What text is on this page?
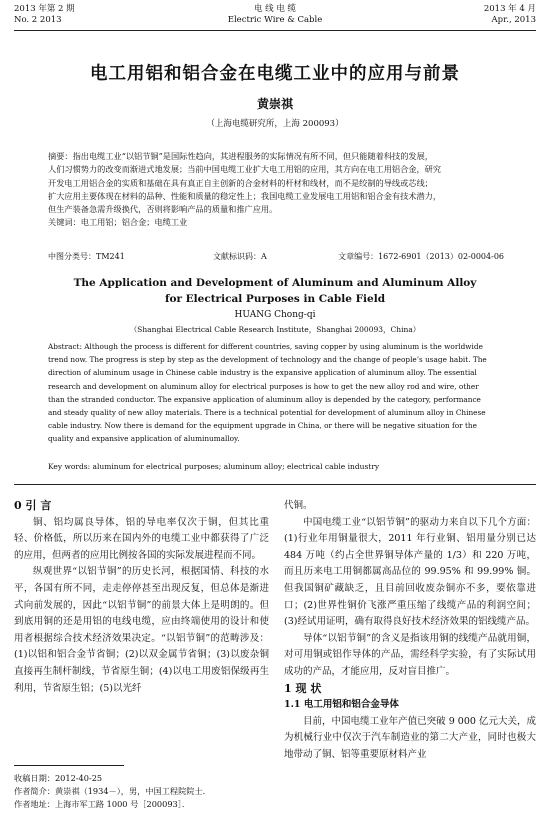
2013 年第 2 期
No. 2 2013
电 线 电 缆
Electric Wire & Cable
2013 年 4 月
Apr., 2013
电工用铝和铝合金在电缆工业中的应用与前景
黄崇祺
（上海电缆研究所，上海 200093）
摘要：指出电缆工业“以铝节铜”是国际性趋向，其进程服务的实际情况有所不同，但只能随着科技的发展，
人们习惯势力的改变而渐进式地发展；当前中国电缆工业扩大电工用铝的应用，其方向在电工用铝合金，研究
开发电工用铝合金的实质和基础在具有真正自主创新的合金材料的杆材和线材，而不是绞制的导线或芯线；
扩大应用主要体现在材料的品种、性能和质量的稳定性上；我国电缆工业发展电工用铝和铝合金有技术潜力，
但生产装备急需升级换代，否则将影响产品的质量和推广应用。
关键词：电工用铝；铝合金；电缆工业
中图分类号：TM241	文献标识码：A	文章编号：1672-6901（2013）02-0004-06
The Application and Development of Aluminum and Aluminum Alloy
for Electrical Purposes in Cable Field
HUANG Chong-qi
（Shanghai Electrical Cable Research Institute，Shanghai 200093，China）
Abstract: Although the process is different for different countries, saving copper by using aluminum is the worldwide
trend now. The progress is step by step as the development of technology and the change of people’s usage habit. The
direction of aluminum usage in Chinese cable industry is the expansive application of aluminum alloy. The essential
research and development on aluminum alloy for electrical purposes is how to get the new alloy rod and wire, other
than the stranded conductor. The expansive application of aluminum alloy is depended by the category, performance
and steady quality of new alloy materials. There is a technical potential for development of aluminum alloy in Chinese
cable industry. Now there is demand for the equipment upgrade in China, or there will be negative situation for the
quality and expansive application of aluminumalloy.
Key words: aluminum for electrical purposes; aluminum alloy; electrical cable industry
0 引 言

铜、铝均属良导体，铝的导电率仅次于铜，但其比重轻、价格低，所以历来在国内外的电缆工业中都获得了广泛的应用，但两者的应用比例按各国的实际发展进程而不同。

纵观世界“以铝节铜”的历史长河，根据国情、科技的水平，各国有所不同，走走停停甚至出现反复，但总体是渐进式向前发展的，因此“以铝节铜”的前景大体上是明朗的。但到底用铜的还是用铝的电线电缆，应由终端使用的设计和使用者根据综合技术经济效果决定。“以铝节铜”的范畴涉及：(1)以铝和铝合金节省铜；(2)以双金属节省铜；(3)以废杂铜直接再生制杆制线，节省原生铜；(4)以电工用废铝保级再生利用，节省原生铝；(5)以光纤

代铜。

中国电缆工业“以铝节铜”的驱动力来自以下几个方面：(1)行业年用铜量很大，2011 年行业铜、铝用量分别已达 484 万吨（约占全世界铜导体产量的 1/3）和 220 万吨，而且历来电工用铜都属高品位的 99.95% 和 99.99% 铜。但我国铜矿藏缺乏，且目前回收废杂铜亦不多，要依靠进口；(2)世界性铜价飞涨严重压缩了线缆产品的利润空间；(3)经试用证明，确有取得良好技术经济效果的铝线缆产品。

导体“以铝节铜”的含义是指该用铜的线缆产品就用铜，对可用铜或铝作导体的产品，需经科学实验，有了实际试用成功的产品，才能应用，反对盲目推广。

1 现 状
1.1 电工用铝和铝合金导体

目前，中国电缆工业年产值已突破 9 000 亿元大关，成为机械行业中仅次于汽车制造业的第二大产业，同时也极大地带动了铜、铝等重要原材料产业

收稿日期：2012-40-25
作者简介：黄崇祺（1934－），男，中国工程院院士．
作者地址：上海市军工路 1000 号［200093］．
